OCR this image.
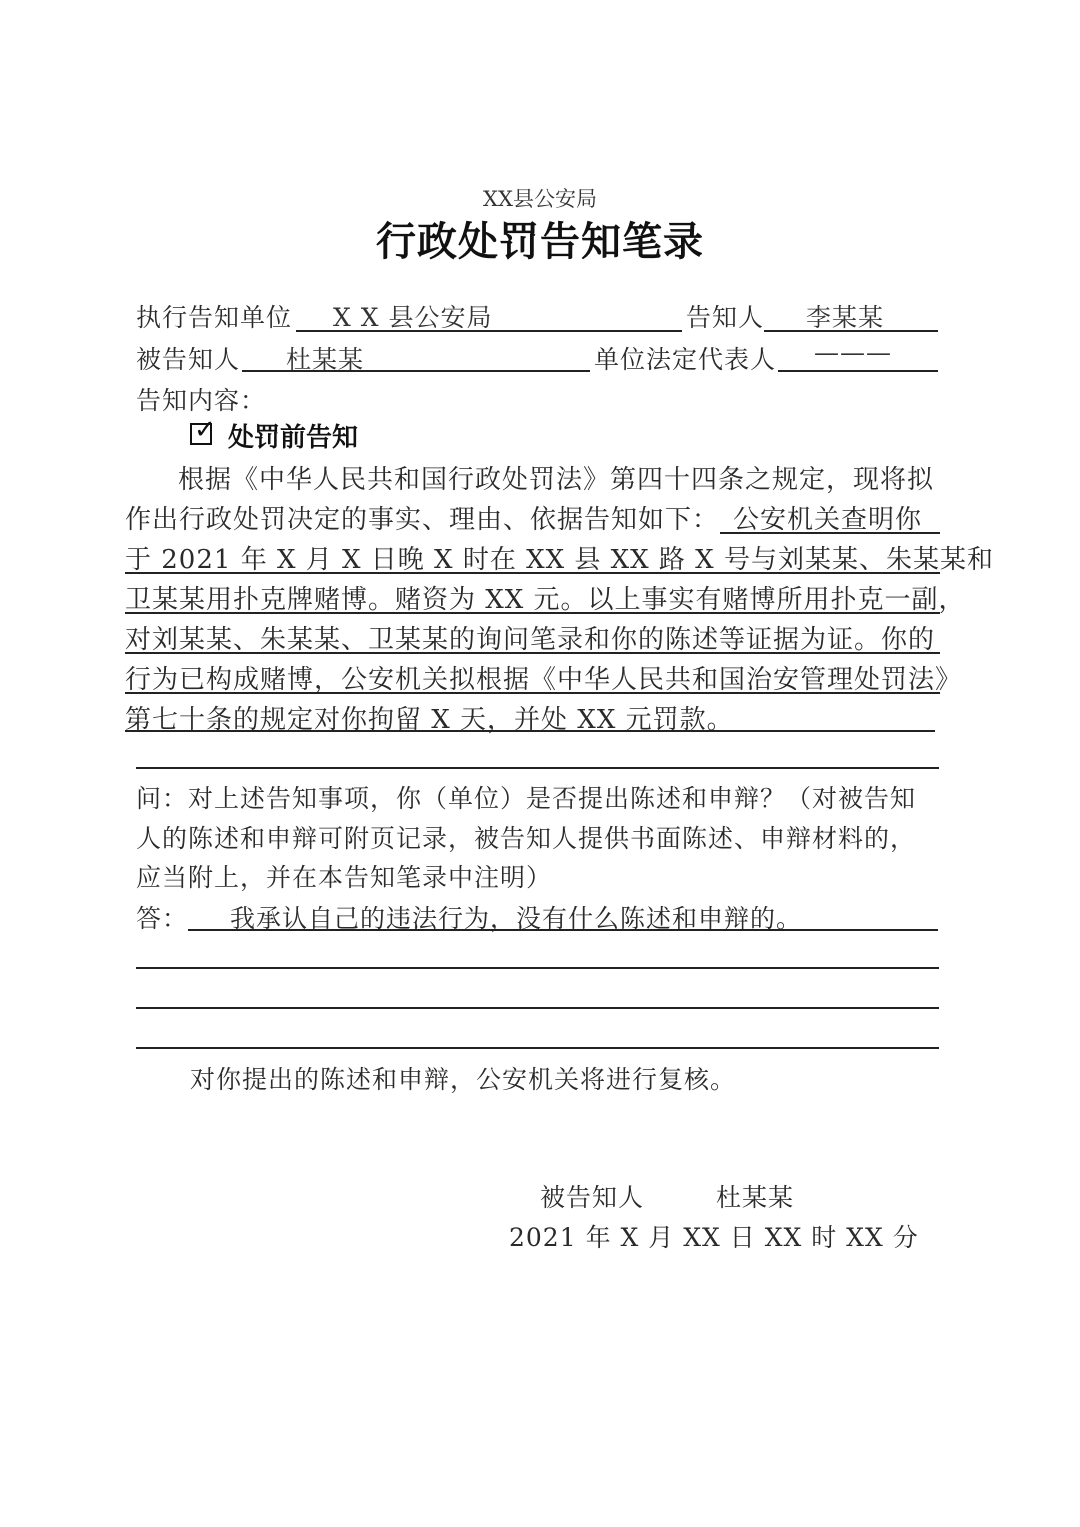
XX县公安局
行政处罚告知笔录
执行告知单位 X X 县公安局	告知人 李某某
被告知人 杜某某	单位法定代表人 ———
告知内容：
✓ 处罚前告知
根据《中华人民共和国行政处罚法》第四十四条之规定，现将拟
作出行政处罚决定的事实、理由、依据告知如下：　公安机关查明你
于 2021 年 X 月 X 日晚 X 时在 XX 县 XX 路 X 号与刘某某、朱某某和
卫某某用扑克牌赌博。赌资为 XX 元。以上事实有赌博所用扑克一副，
对刘某某、朱某某、卫某某的询问笔录和你的陈述等证据为证。你的
行为已构成赌博，公安机关拟根据《中华人民共和国治安管理处罚法》
第七十条的规定对你拘留 X 天，并处 XX 元罚款。
问：对上述告知事项，你（单位）是否提出陈述和申辩？（对被告知
人的陈述和申辩可附页记录，被告知人提供书面陈述、申辩材料的，
应当附上，并在本告知笔录中注明）
答： 我承认自己的违法行为，没有什么陈述和申辩的。
对你提出的陈述和申辩，公安机关将进行复核。
被告知人	杜某某
2021 年 X 月 XX 日 XX 时 XX 分
